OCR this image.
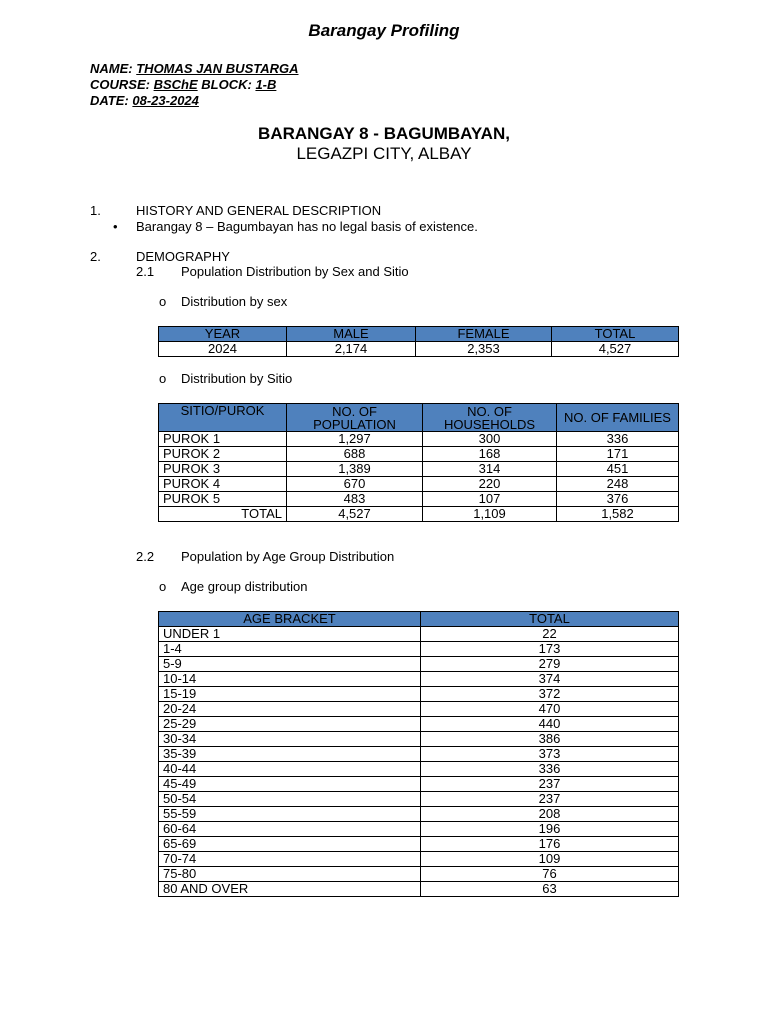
Barangay Profiling
NAME: THOMAS JAN BUSTARGA
COURSE: BSChE BLOCK: 1-B
DATE: 08-23-2024
BARANGAY 8 - BAGUMBAYAN,
LEGAZPI CITY, ALBAY
1.	HISTORY AND GENERAL DESCRIPTION
• Barangay 8 – Bagumbayan has no legal basis of existence.
2.	DEMOGRAPHY
2.1 Population Distribution by Sex and Sitio
o Distribution by sex
YEAR	MALE	FEMALE	TOTAL
2024	2,174	2,353	4,527
o Distribution by Sitio
SITIO/PUROK	NO. OF POPULATION	NO. OF HOUSEHOLDS	NO. OF FAMILIES
PUROK 1	1,297	300	336
PUROK 2	688	168	171
PUROK 3	1,389	314	451
PUROK 4	670	220	248
PUROK 5	483	107	376
TOTAL	4,527	1,109	1,582
2.2 Population by Age Group Distribution
o Age group distribution
AGE BRACKET	TOTAL
UNDER 1	22
1-4	173
5-9	279
10-14	374
15-19	372
20-24	470
25-29	440
30-34	386
35-39	373
40-44	336
45-49	237
50-54	237
55-59	208
60-64	196
65-69	176
70-74	109
75-80	76
80 AND OVER	63
